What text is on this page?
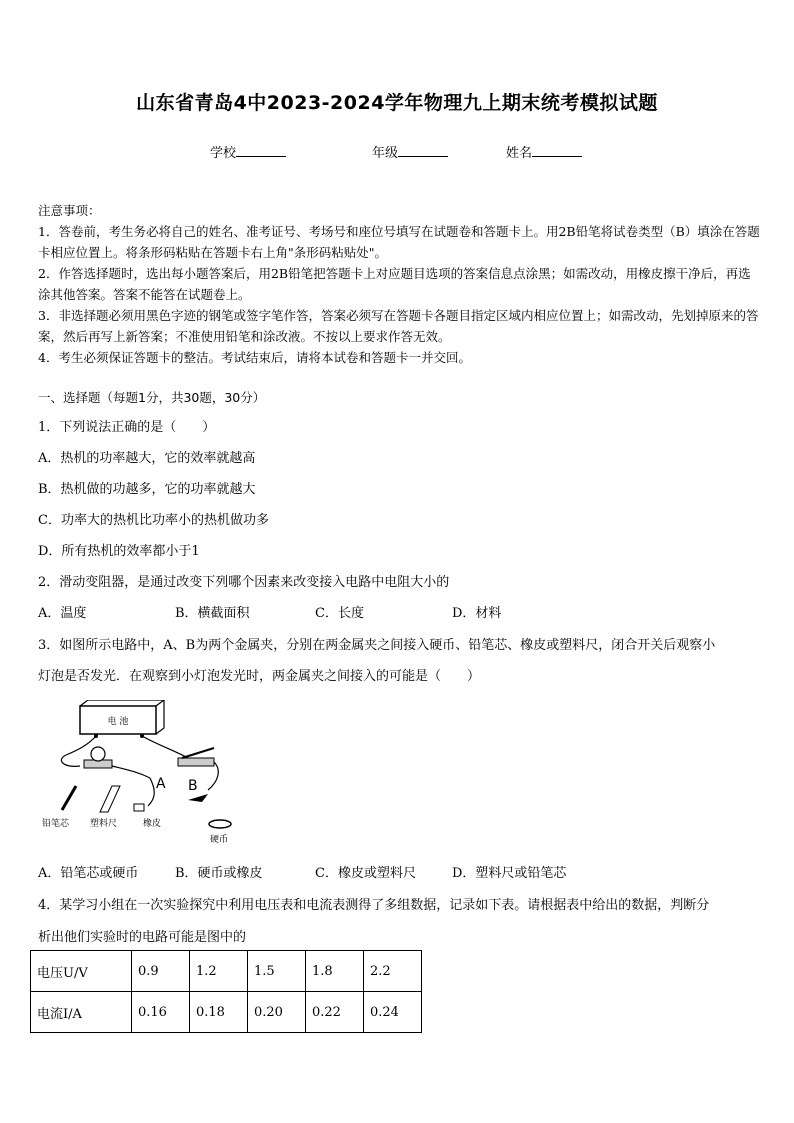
山东省青岛4中2023-2024学年物理九上期末统考模拟试题
学校	年级	姓名
注意事项：
1．答卷前，考生务必将自己的姓名、准考证号、考场号和座位号填写在试题卷和答题卡上。用2B铅笔将试卷类型（B）填涂在答题卡相应位置上。将条形码粘贴在答题卡右上角"条形码粘贴处"。
2．作答选择题时，选出每小题答案后，用2B铅笔把答题卡上对应题目选项的答案信息点涂黑；如需改动，用橡皮擦干净后，再选涂其他答案。答案不能答在试题卷上。
3．非选择题必须用黑色字迹的钢笔或签字笔作答，答案必须写在答题卡各题目指定区域内相应位置上；如需改动，先划掉原来的答案，然后再写上新答案；不准使用铅笔和涂改液。不按以上要求作答无效。
4．考生必须保证答题卡的整洁。考试结束后，请将本试卷和答题卡一并交回。
一、选择题（每题1分，共30题，30分）
1．下列说法正确的是（　　）
A．热机的功率越大，它的效率就越高
B．热机做的功越多，它的功率就越大
C．功率大的热机比功率小的热机做功多
D．所有热机的效率都小于1
2．滑动变阻器，是通过改变下列哪个因素来改变接入电路中电阻大小的
A．温度	B．横截面积	C．长度	D．材料
3．如图所示电路中，A、B为两个金属夹，分别在两金属夹之间接入硬币、铅笔芯、橡皮或塑料尺，闭合开关后观察小
灯泡是否发光．在观察到小灯泡发光时，两金属夹之间接入的可能是（　　）
电 池
A B
铅笔芯 塑料尺	橡皮
硬币
A．铅笔芯或硬币	B．硬币或橡皮	C．橡皮或塑料尺	D．塑料尺或铅笔芯
4．某学习小组在一次实验探究中利用电压表和电流表测得了多组数据，记录如下表。请根据表中给出的数据，判断分
析出他们实验时的电路可能是图中的
电压U/V	0.9	1.2	1.5	1.8	2.2
电流I/A	0.16	0.18	0.20	0.22	0.24
